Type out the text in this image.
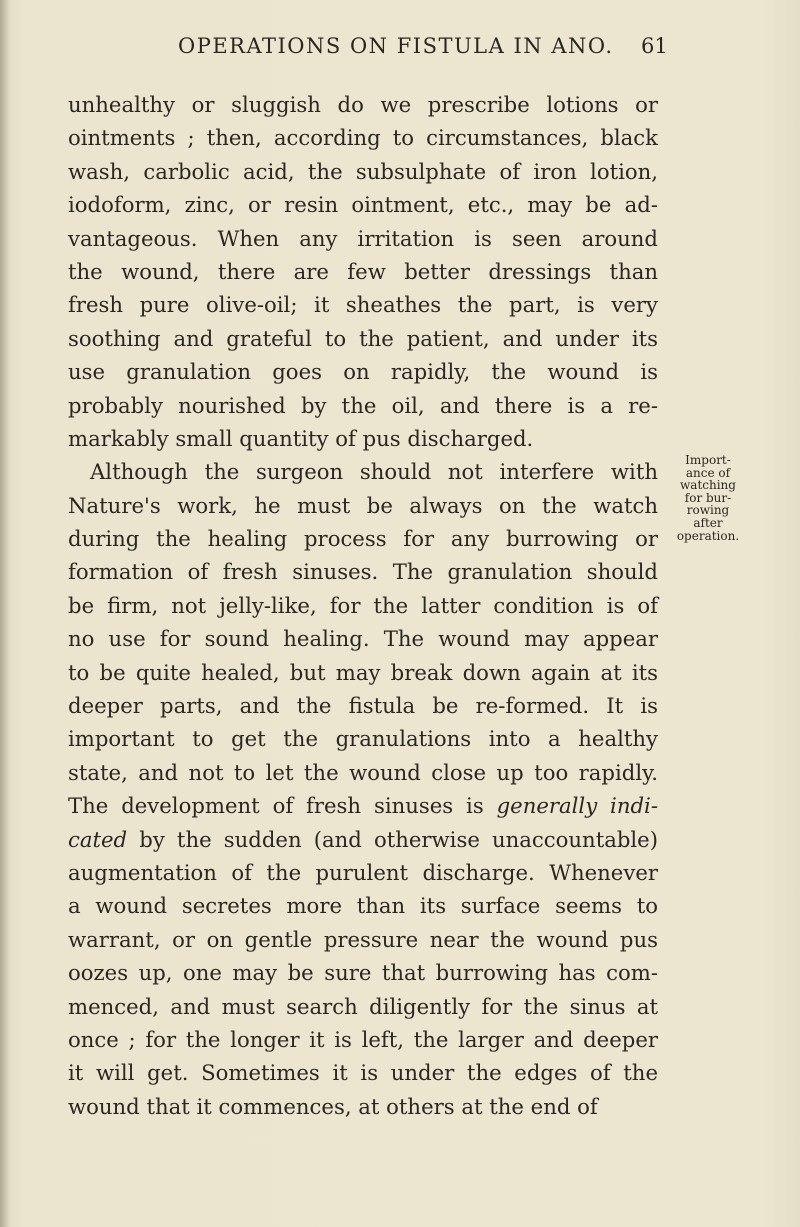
OPERATIONS ON FISTULA IN ANO. 61
unhealthy or sluggish do we prescribe lotions or
ointments ; then, according to circumstances, black
wash, carbolic acid, the subsulphate of iron lotion,
iodoform, zinc, or resin ointment, etc., may be ad-
vantageous. When any irritation is seen around
the wound, there are few better dressings than
fresh pure olive-oil; it sheathes the part, is very
soothing and grateful to the patient, and under its
use granulation goes on rapidly, the wound is
probably nourished by the oil, and there is a re-
markably small quantity of pus discharged.
Although the surgeon should not interfere with
Nature's work, he must be always on the watch
during the healing process for any burrowing or
formation of fresh sinuses. The granulation should
be firm, not jelly-like, for the latter condition is of
no use for sound healing. The wound may appear
to be quite healed, but may break down again at its
deeper parts, and the fistula be re-formed. It is
important to get the granulations into a healthy
state, and not to let the wound close up too rapidly.
The development of fresh sinuses is generally indi-
cated by the sudden (and otherwise unaccountable)
augmentation of the purulent discharge. Whenever
a wound secretes more than its surface seems to
warrant, or on gentle pressure near the wound pus
oozes up, one may be sure that burrowing has com-
menced, and must search diligently for the sinus at
once ; for the longer it is left, the larger and deeper
it will get. Sometimes it is under the edges of the
wound that it commences, at others at the end of
Import-
ance of
watching
for bur-
rowing
after
operation.
